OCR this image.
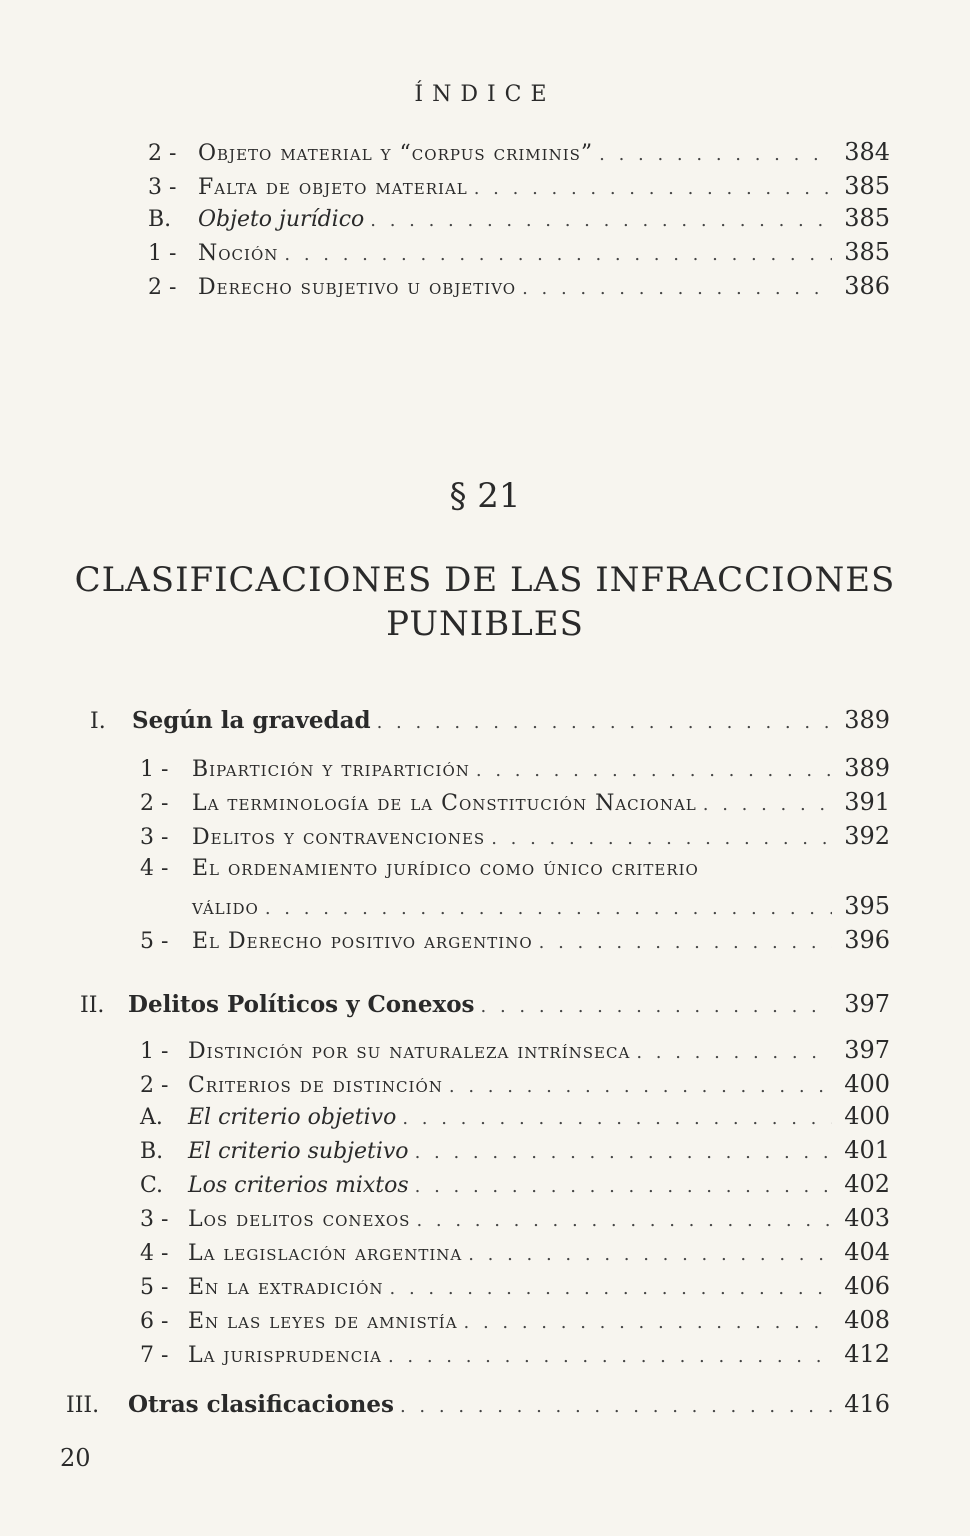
ÍNDICE
2 - Objeto material y “corpus criminis” . . .	384
3 - Falta de objeto material . . .	385
B.	Objeto jurídico . . .	385
1 - Noción . . .	385
2 - Derecho subjetivo u objetivo . . .	386
§ 21
CLASIFICACIONES DE LAS INFRACCIONES PUNIBLES
I.	Según la gravedad . . .	389
1 -	Bipartición y tripartición . . .	389
2 -	La terminología de la Constitución Nacional . . .	391
3 -	Delitos y contravenciones . . .	392
4 -	El ordenamiento jurídico como único criterio
válido . . .	395
5 -	El Derecho positivo argentino . . .	396
II.	Delitos Políticos y Conexos . . .	397
1 - Distinción por su naturaleza intrínseca . . .	397
2 - Criterios de distinción . . .	400
A.	El criterio objetivo . . .	400
B.	El criterio subjetivo . . .	401
C.	Los criterios mixtos . . .	402
3 - Los delitos conexos . . .	403
4 - La legislación argentina . . .	404
5 - En la extradición . . .	406
6 - En las leyes de amnistía . . .	408
7 - La jurisprudencia . . .	412
III.	Otras clasificaciones . . .	416
20
